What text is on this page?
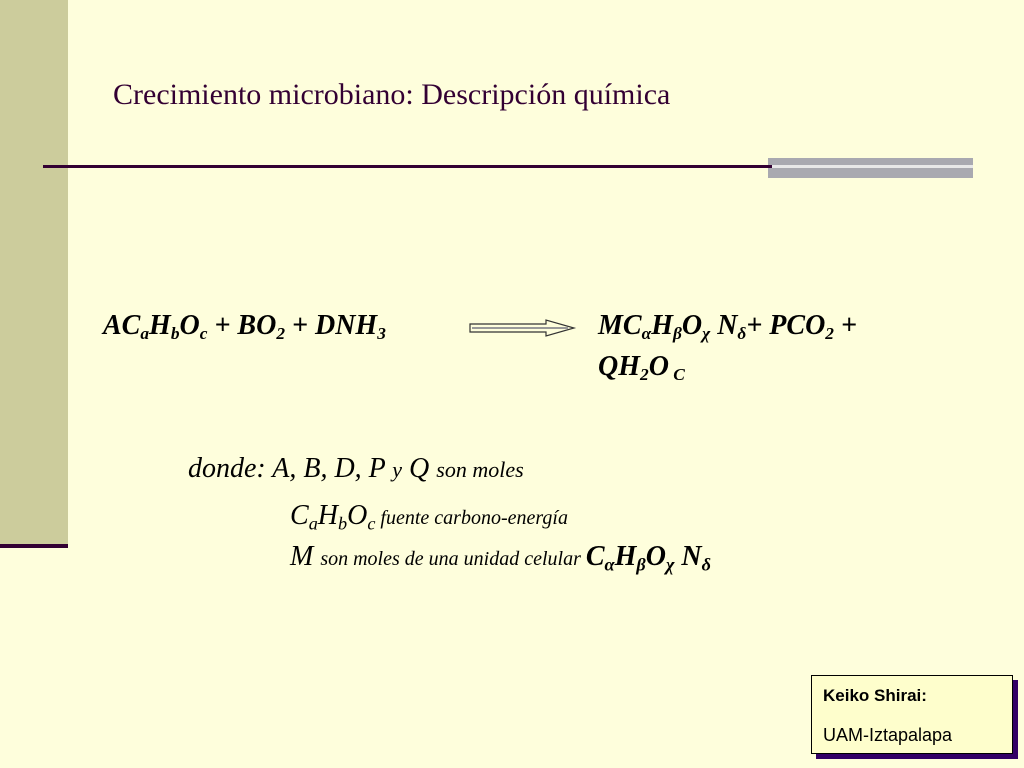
Crecimiento microbiano: Descripción química
$AC_aH_bO_c + BO_2 + DNH_3$	$MC_\alpha H_\beta O_\chi$ $N_\delta+ PCO_2$ +
$QH_2O$ $_C$
donde: A, B, D, P y Q son moles
$C_aH_bO_c$ fuente carbono-energía
M son moles de una unidad celular $C_\alpha H_\beta O_\chi$ $N_\delta$
Keiko Shirai:
UAM-Iztapalapa
